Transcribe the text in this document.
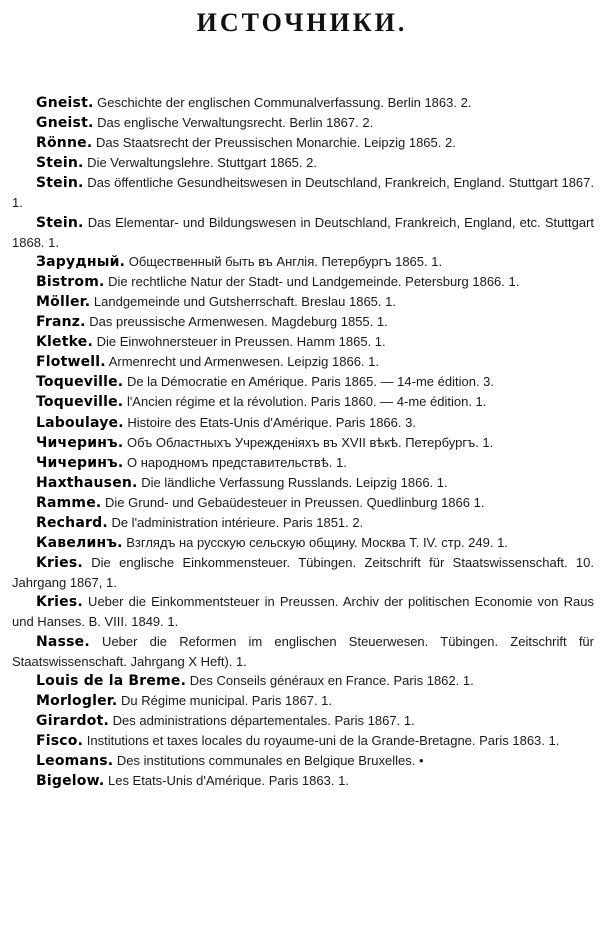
ИСТОЧНИКИ.
Gneist. Geschichte der englischen Communalverfassung. Berlin 1863. 2.
Gneist. Das englische Verwaltungsrecht. Berlin 1867. 2.
Rönne. Das Staatsrecht der Preussischen Monarchie. Leipzig 1865. 2.
Stein. Die Verwaltungslehre. Stuttgart 1865. 2.
Stein. Das öffentliche Gesundheitswesen in Deutschland, Frankreich, England. Stuttgart 1867. 1.
Stein. Das Elementar- und Bildungswesen in Deutschland, Frankreich, England, etc. Stuttgart 1868. 1.
Зарудный. Общественный быть въ Англія. Петербургъ 1865. 1.
Bistrom. Die rechtliche Natur der Stadt- und Landgemeinde. Petersburg 1866. 1.
Möller. Landgemeinde und Gutsherrschaft. Breslau 1865. 1.
Franz. Das preussische Armenwesen. Magdeburg 1855. 1.
Kletke. Die Einwohnersteuer in Preussen. Hamm 1865. 1.
Flotwell. Armenrecht und Armenwesen. Leipzig 1866. 1.
Toqueville. De la Démocratie en Amérique. Paris 1865. — 14-me édition. 3.
Toqueville. l'Ancien régime et la révolution. Paris 1860. — 4-me édition. 1.
Laboulaye. Histoire des Etats-Unis d'Amérique. Paris 1866. 3.
Чичеринъ. Объ Областныхъ Учрежденiяхъ въ XVII вѣкѣ. Петербургъ. 1.
Чичеринъ. О народномъ представительствѣ. 1.
Haxthausen. Die ländliche Verfassung Russlands. Leipzig 1866. 1.
Ramme. Die Grund- und Gebaüdesteuer in Preussen. Quedlinburg 1866 1.
Rechard. De l'administration intérieure. Paris 1851. 2.
Кавелинъ. Взглядъ на русскую сельскую общину. Москва Т. IV. стр. 249. 1.
Kries. Die englische Einkommensteuer. Tübingen. Zeitschrift für Staatswissenschaft. 10. Jahrgang 1867, 1.
Kries. Ueber die Einkommentsteuer in Preussen. Archiv der politischen Economie von Raus und Hanses. B. VIII. 1849. 1.
Nasse. Ueber die Reformen im englischen Steuerwesen. Tübingen. Zeitschrift für Staatswissenschaft. Jahrgang X Heft). 1.
Louis de la Breme. Des Conseils généraux en France. Paris 1862. 1.
Morlogler. Du Régime municipal. Paris 1867. 1.
Girardot. Des administrations départementales. Paris 1867. 1.
Fisco. Institutions et taxes locales du royaume-uni de la Grande-Bretagne. Paris 1863. 1.
Leomans. Des institutions communales en Belgique Bruxelles. •
Bigelow. Les Etats-Unis d'Amérique. Paris 1863. 1.
